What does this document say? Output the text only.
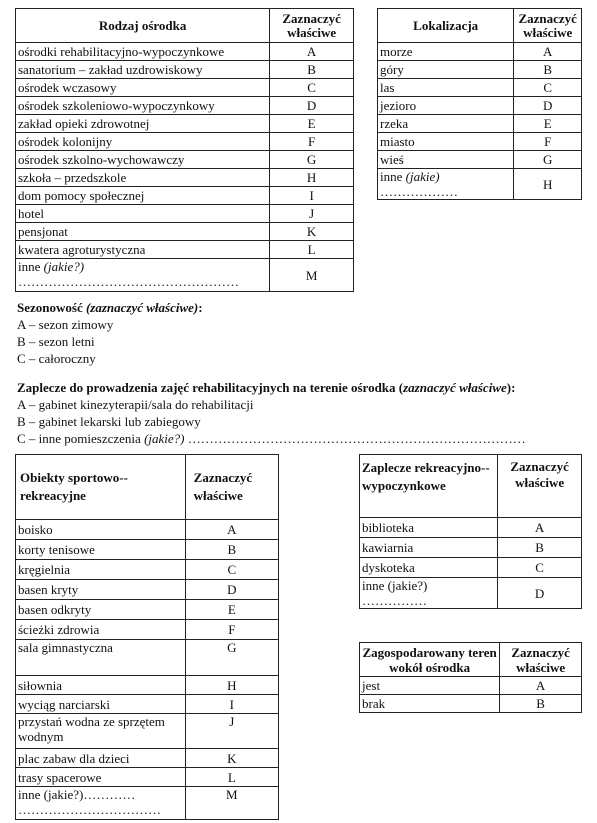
Rodzaj ośrodka	Zaznaczyć właściwe
ośrodki rehabilitacyjno-wypoczynkowe	A
sanatorium – zakład uzdrowiskowy	B
ośrodek wczasowy	C
ośrodek szkoleniowo-wypoczynkowy	D
zakład opieki zdrowotnej	E
ośrodek kolonijny	F
ośrodek szkolno-wychowawczy	G
szkoła – przedszkole	H
dom pomocy społecznej	I
hotel	J
pensjonat	K
kwatera agroturystyczna	L
inne (jakie?)
……………………………………………	M
Lokalizacja	Zaznaczyć właściwe
morze	A
góry	B
las	C
jezioro	D
rzeka	E
miasto	F
wieś	G
inne (jakie) ………………	H
Sezonowość (zaznaczyć właściwe):
A – sezon zimowy
B – sezon letni
C – całoroczny
Zaplecze do prowadzenia zajęć rehabilitacyjnych na terenie ośrodka (zaznaczyć właściwe):
A – gabinet kinezyterapii/sala do rehabilitacji
B – gabinet lekarski lub zabiegowy
C – inne pomieszczenia (jakie?) ……………………………………………………………………
Obiekty sportowo--rekreacyjne	Zaznaczyć właściwe
boisko	A
korty tenisowe	B
kręgielnia	C
basen kryty	D
basen odkryty	E
ścieżki zdrowia	F
sala gimnastyczna	G
siłownia	H
wyciąg narciarski	I
przystań wodna ze sprzętem wodnym	J
plac zabaw dla dzieci	K
trasy spacerowe	L
inne (jakie?)…………
……………………………	M
Zaplecze rekreacyjno--wypoczynkowe	Zaznaczyć właściwe
biblioteka	A
kawiarnia	B
dyskoteka	C
inne (jakie?) ……………	D
Zagospodarowany teren wokół ośrodka	Zaznaczyć właściwe
jest	A
brak	B
